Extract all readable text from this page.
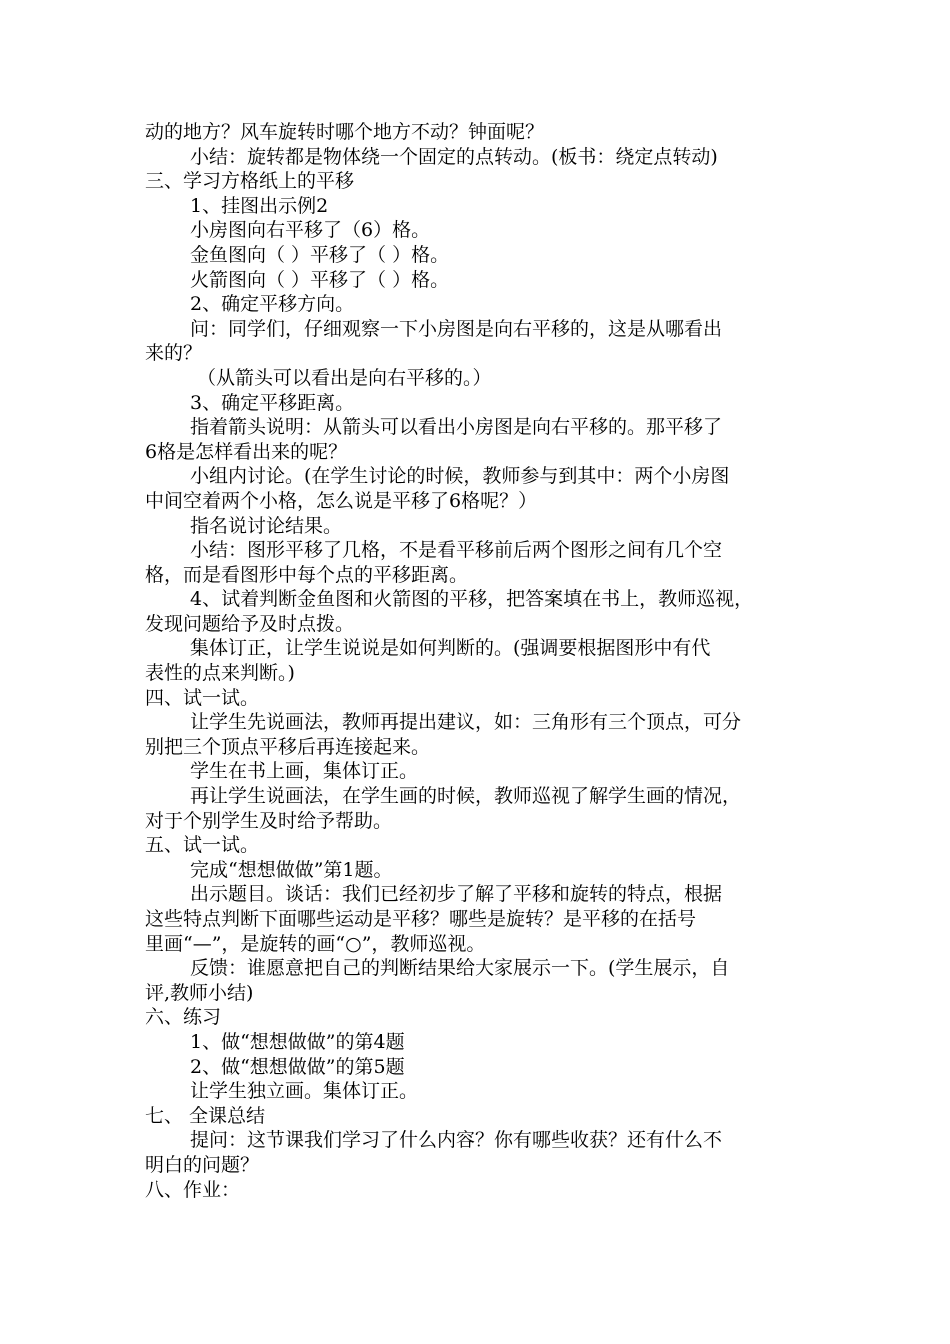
动的地方？风车旋转时哪个地方不动？钟面呢？

小结：旋转都是物体绕一个固定的点转动。(板书：绕定点转动)

三、学习方格纸上的平移

1、挂图出示例2

小房图向右平移了（6）格。

金鱼图向（ ）平移了（ ）格。

火箭图向（ ）平移了（ ）格。

2、确定平移方向。

问：同学们，仔细观察一下小房图是向右平移的，这是从哪看出

来的？

（从箭头可以看出是向右平移的。）

3、确定平移距离。

指着箭头说明：从箭头可以看出小房图是向右平移的。那平移了

6格是怎样看出来的呢？

小组内讨论。(在学生讨论的时候，教师参与到其中：两个小房图

中间空着两个小格，怎么说是平移了6格呢？）

指名说讨论结果。

小结：图形平移了几格，不是看平移前后两个图形之间有几个空

格，而是看图形中每个点的平移距离。

4、试着判断金鱼图和火箭图的平移，把答案填在书上，教师巡视，

发现问题给予及时点拨。

集体订正，让学生说说是如何判断的。(强调要根据图形中有代

表性的点来判断。)

四、试一试。

让学生先说画法，教师再提出建议，如：三角形有三个顶点，可分

别把三个顶点平移后再连接起来。

学生在书上画，集体订正。

再让学生说画法，在学生画的时候，教师巡视了解学生画的情况，

对于个别学生及时给予帮助。

五、试一试。

完成“想想做做”第1题。

出示题目。谈话：我们已经初步了解了平移和旋转的特点，根据

这些特点判断下面哪些运动是平移？哪些是旋转？是平移的在括号

里画“—”，是旋转的画“○”，教师巡视。

反馈：谁愿意把自己的判断结果给大家展示一下。(学生展示，自

评,教师小结)

六、练习

1、做“想想做做”的第4题

2、做“想想做做”的第5题

让学生独立画。集体订正。

七、 全课总结

提问：这节课我们学习了什么内容？你有哪些收获？还有什么不

明白的问题？

八、作业：
